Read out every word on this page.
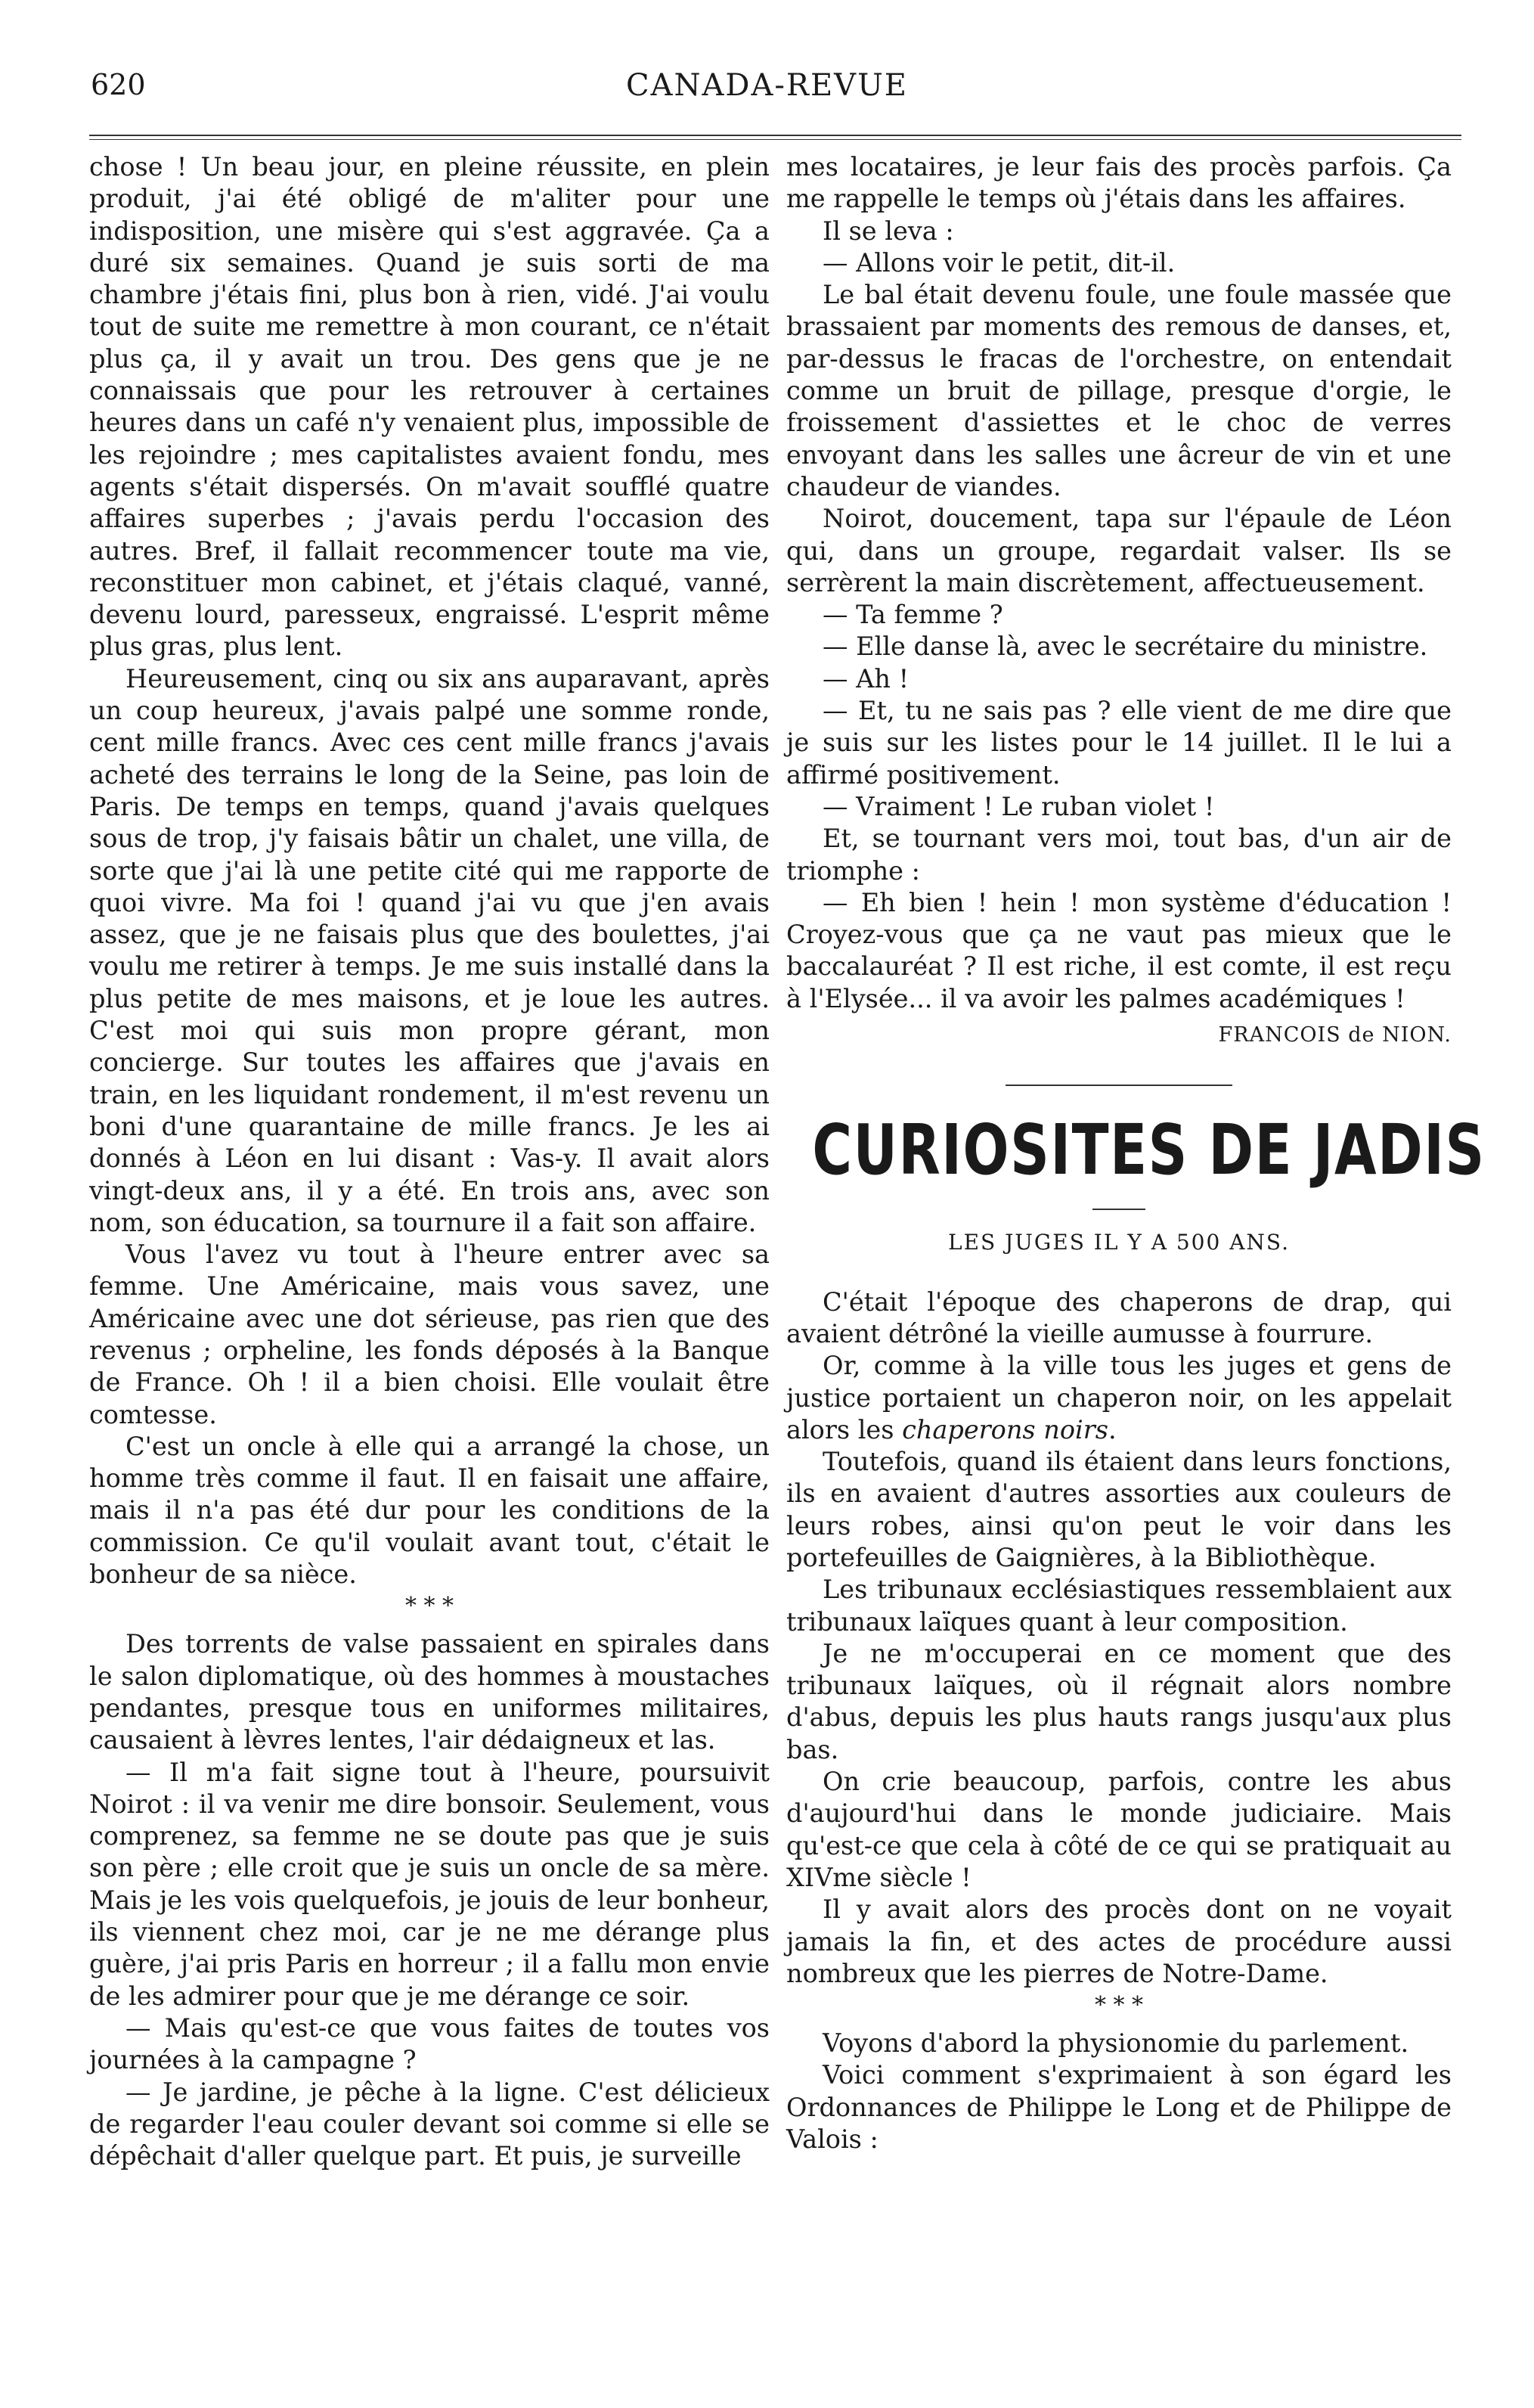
620	CANADA-REVUE

chose ! Un beau jour, en pleine réussite, en plein produit, j'ai été obligé de m'aliter pour une indisposition, une misère qui s'est aggravée. Ça a duré six semaines. Quand je suis sorti de ma chambre j'étais fini, plus bon à rien, vidé. J'ai voulu tout de suite me remettre à mon courant, ce n'était plus ça, il y avait un trou. Des gens que je ne connaissais que pour les retrouver à certaines heures dans un café n'y venaient plus, impossible de les rejoindre ; mes capitalistes avaient fondu, mes agents s'était dispersés. On m'avait soufflé quatre affaires superbes ; j'avais perdu l'occasion des autres. Bref, il fallait recommencer toute ma vie, reconstituer mon cabinet, et j'étais claqué, vanné, devenu lourd, paresseux, engraissé. L'esprit même plus gras, plus lent.

Heureusement, cinq ou six ans auparavant, après un coup heureux, j'avais palpé une somme ronde, cent mille francs. Avec ces cent mille francs j'avais acheté des terrains le long de la Seine, pas loin de Paris. De temps en temps, quand j'avais quelques sous de trop, j'y faisais bâtir un chalet, une villa, de sorte que j'ai là une petite cité qui me rapporte de quoi vivre. Ma foi ! quand j'ai vu que j'en avais assez, que je ne faisais plus que des boulettes, j'ai voulu me retirer à temps. Je me suis installé dans la plus petite de mes maisons, et je loue les autres. C'est moi qui suis mon propre gérant, mon concierge. Sur toutes les affaires que j'avais en train, en les liquidant rondement, il m'est revenu un boni d'une quarantaine de mille francs. Je les ai donnés à Léon en lui disant : Vas-y. Il avait alors vingt-deux ans, il y a été. En trois ans, avec son nom, son éducation, sa tournure il a fait son affaire.

Vous l'avez vu tout à l'heure entrer avec sa femme. Une Américaine, mais vous savez, une Américaine avec une dot sérieuse, pas rien que des revenus ; orpheline, les fonds déposés à la Banque de France. Oh ! il a bien choisi. Elle voulait être comtesse.

C'est un oncle à elle qui a arrangé la chose, un homme très comme il faut. Il en faisait une affaire, mais il n'a pas été dur pour les conditions de la commission. Ce qu'il voulait avant tout, c'était le bonheur de sa nièce.

* * *

Des torrents de valse passaient en spirales dans le salon diplomatique, où des hommes à moustaches pendantes, presque tous en uniformes militaires, causaient à lèvres lentes, l'air dédaigneux et las.

— Il m'a fait signe tout à l'heure, poursuivit Noirot : il va venir me dire bonsoir. Seulement, vous comprenez, sa femme ne se doute pas que je suis son père ; elle croit que je suis un oncle de sa mère. Mais je les vois quelquefois, je jouis de leur bonheur, ils viennent chez moi, car je ne me dérange plus guère, j'ai pris Paris en horreur ; il a fallu mon envie de les admirer pour que je me dérange ce soir.

— Mais qu'est-ce que vous faites de toutes vos journées à la campagne ?

— Je jardine, je pêche à la ligne. C'est délicieux de regarder l'eau couler devant soi comme si elle se dépêchait d'aller quelque part. Et puis, je surveille

mes locataires, je leur fais des procès parfois. Ça me rappelle le temps où j'étais dans les affaires.

Il se leva :

— Allons voir le petit, dit-il.

Le bal était devenu foule, une foule massée que brassaient par moments des remous de danses, et, par-dessus le fracas de l'orchestre, on entendait comme un bruit de pillage, presque d'orgie, le froissement d'assiettes et le choc de verres envoyant dans les salles une âcreur de vin et une chaudeur de viandes.

Noirot, doucement, tapa sur l'épaule de Léon qui, dans un groupe, regardait valser. Ils se serrèrent la main discrètement, affectueusement.

— Ta femme ?

— Elle danse là, avec le secrétaire du ministre.

— Ah !

— Et, tu ne sais pas ? elle vient de me dire que je suis sur les listes pour le 14 juillet. Il le lui a affirmé positivement.

— Vraiment ! Le ruban violet !

Et, se tournant vers moi, tout bas, d'un air de triomphe :

— Eh bien ! hein ! mon système d'éducation ! Croyez-vous que ça ne vaut pas mieux que le baccalauréat ? Il est riche, il est comte, il est reçu à l'Elysée... il va avoir les palmes académiques !

FRANCOIS de NION.
CURIOSITES DE JADIS
LES JUGES IL Y A 500 ANS.

C'était l'époque des chaperons de drap, qui avaient détrôné la vieille aumusse à fourrure.

Or, comme à la ville tous les juges et gens de justice portaient un chaperon noir, on les appelait alors les chaperons noirs.

Toutefois, quand ils étaient dans leurs fonctions, ils en avaient d'autres assorties aux couleurs de leurs robes, ainsi qu'on peut le voir dans les portefeuilles de Gaignières, à la Bibliothèque.

Les tribunaux ecclésiastiques ressemblaient aux tribunaux laïques quant à leur composition.

Je ne m'occuperai en ce moment que des tribunaux laïques, où il régnait alors nombre d'abus, depuis les plus hauts rangs jusqu'aux plus bas.

On crie beaucoup, parfois, contre les abus d'aujourd'hui dans le monde judiciaire. Mais qu'est-ce que cela à côté de ce qui se pratiquait au XIVme siècle !

Il y avait alors des procès dont on ne voyait jamais la fin, et des actes de procédure aussi nombreux que les pierres de Notre-Dame.

* * *

Voyons d'abord la physionomie du parlement.

Voici comment s'exprimaient à son égard les Ordonnances de Philippe le Long et de Philippe de Valois :
